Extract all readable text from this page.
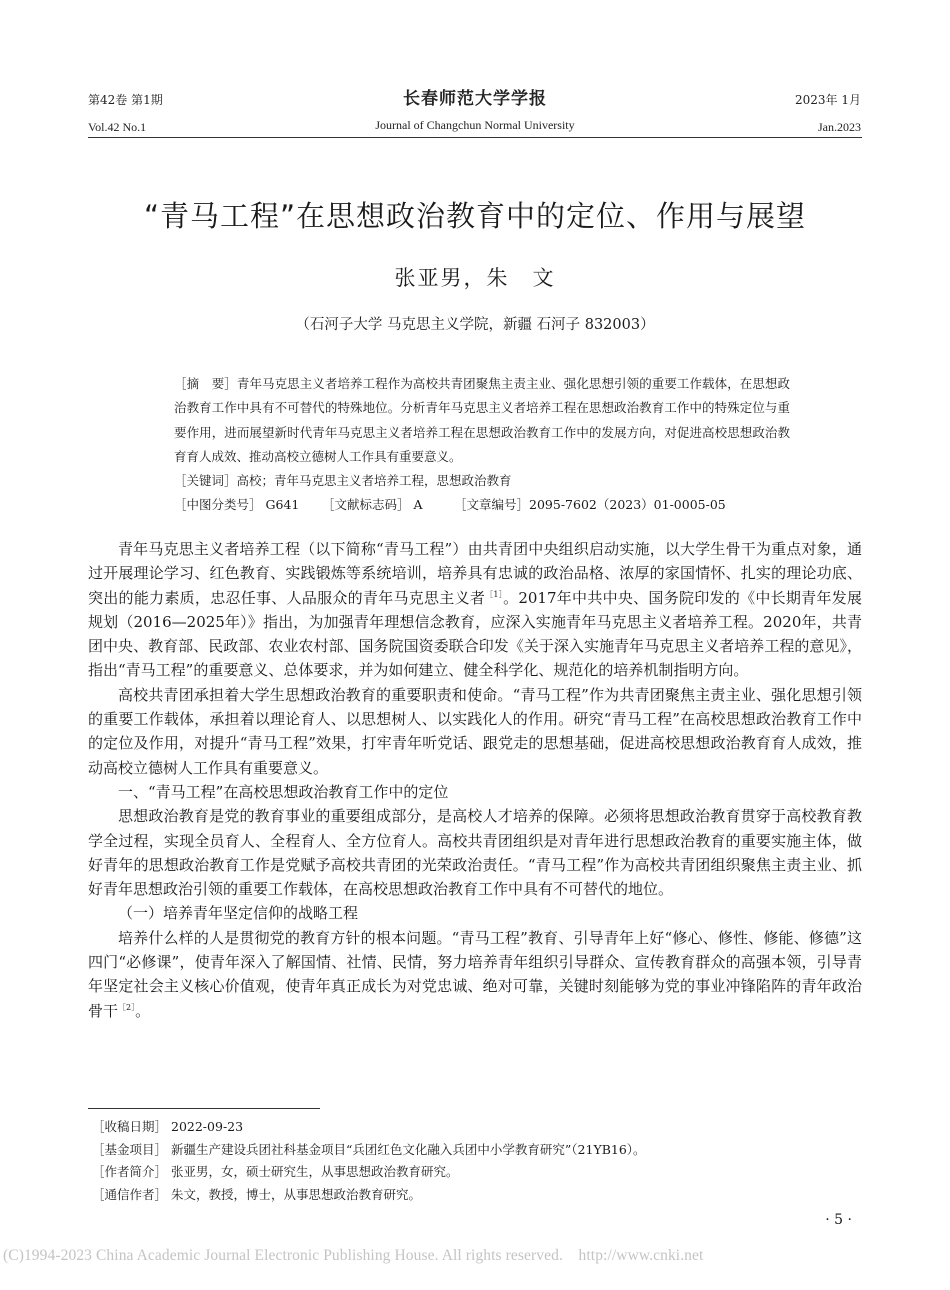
第42卷 第1期
Vol.42 No.1
长春师范大学学报
Journal of Changchun Normal University
2023年 1月
Jan.2023
“青马工程”在思想政治教育中的定位、作用与展望
张亚男，朱　文
（石河子大学 马克思主义学院，新疆 石河子 832003）
［摘　要］青年马克思主义者培养工程作为高校共青团聚焦主责主业、强化思想引领的重要工作载体，在思想政治教育工作中具有不可替代的特殊地位。分析青年马克思主义者培养工程在思想政治教育工作中的特殊定位与重要作用，进而展望新时代青年马克思主义者培养工程在思想政治教育工作中的发展方向，对促进高校思想政治教育育人成效、推动高校立德树人工作具有重要意义。
［关键词］高校；青年马克思主义者培养工程，思想政治教育
［中图分类号］ G641	［文献标志码］ A	［文章编号］2095-7602（2023）01-0005-05

青年马克思主义者培养工程（以下简称“青马工程”）由共青团中央组织启动实施，以大学生骨干为重点对象，通过开展理论学习、红色教育、实践锻炼等系统培训，培养具有忠诚的政治品格、浓厚的家国情怀、扎实的理论功底、突出的能力素质，忠忍任事、人品服众的青年马克思主义者$^{[1]}$。2017年中共中央、国务院印发的《中长期青年发展规划（2016—2025年）》指出，为加强青年理想信念教育，应深入实施青年马克思主义者培养工程。2020年，共青团中央、教育部、民政部、农业农村部、国务院国资委联合印发《关于深入实施青年马克思主义者培养工程的意见》，指出“青马工程”的重要意义、总体要求，并为如何建立、健全科学化、规范化的培养机制指明方向。

高校共青团承担着大学生思想政治教育的重要职责和使命。“青马工程”作为共青团聚焦主责主业、强化思想引领的重要工作载体，承担着以理论育人、以思想树人、以实践化人的作用。研究“青马工程”在高校思想政治教育工作中的定位及作用，对提升“青马工程”效果，打牢青年听党话、跟党走的思想基础，促进高校思想政治教育育人成效，推动高校立德树人工作具有重要意义。

一、“青马工程”在高校思想政治教育工作中的定位

思想政治教育是党的教育事业的重要组成部分，是高校人才培养的保障。必须将思想政治教育贯穿于高校教育教学全过程，实现全员育人、全程育人、全方位育人。高校共青团组织是对青年进行思想政治教育的重要实施主体，做好青年的思想政治教育工作是党赋予高校共青团的光荣政治责任。“青马工程”作为高校共青团组织聚焦主责主业、抓好青年思想政治引领的重要工作载体，在高校思想政治教育工作中具有不可替代的地位。

（一）培养青年坚定信仰的战略工程

培养什么样的人是贯彻党的教育方针的根本问题。“青马工程”教育、引导青年上好“修心、修性、修能、修德”这四门“必修课”，使青年深入了解国情、社情、民情，努力培养青年组织引导群众、宣传教育群众的高强本领，引导青年坚定社会主义核心价值观，使青年真正成长为对党忠诚、绝对可靠，关键时刻能够为党的事业冲锋陷阵的青年政治骨干$^{[2]}$。

［收稿日期］ 2022-09-23
［基金项目］ 新疆生产建设兵团社科基金项目“兵团红色文化融入兵团中小学教育研究”（21YB16）。
［作者简介］ 张亚男，女，硕士研究生，从事思想政治教育研究。
［通信作者］ 朱文，教授，博士，从事思想政治教育研究。
· 5 ·
(C)1994-2023 China Academic Journal Electronic Publishing House. All rights reserved.　http://www.cnki.net
